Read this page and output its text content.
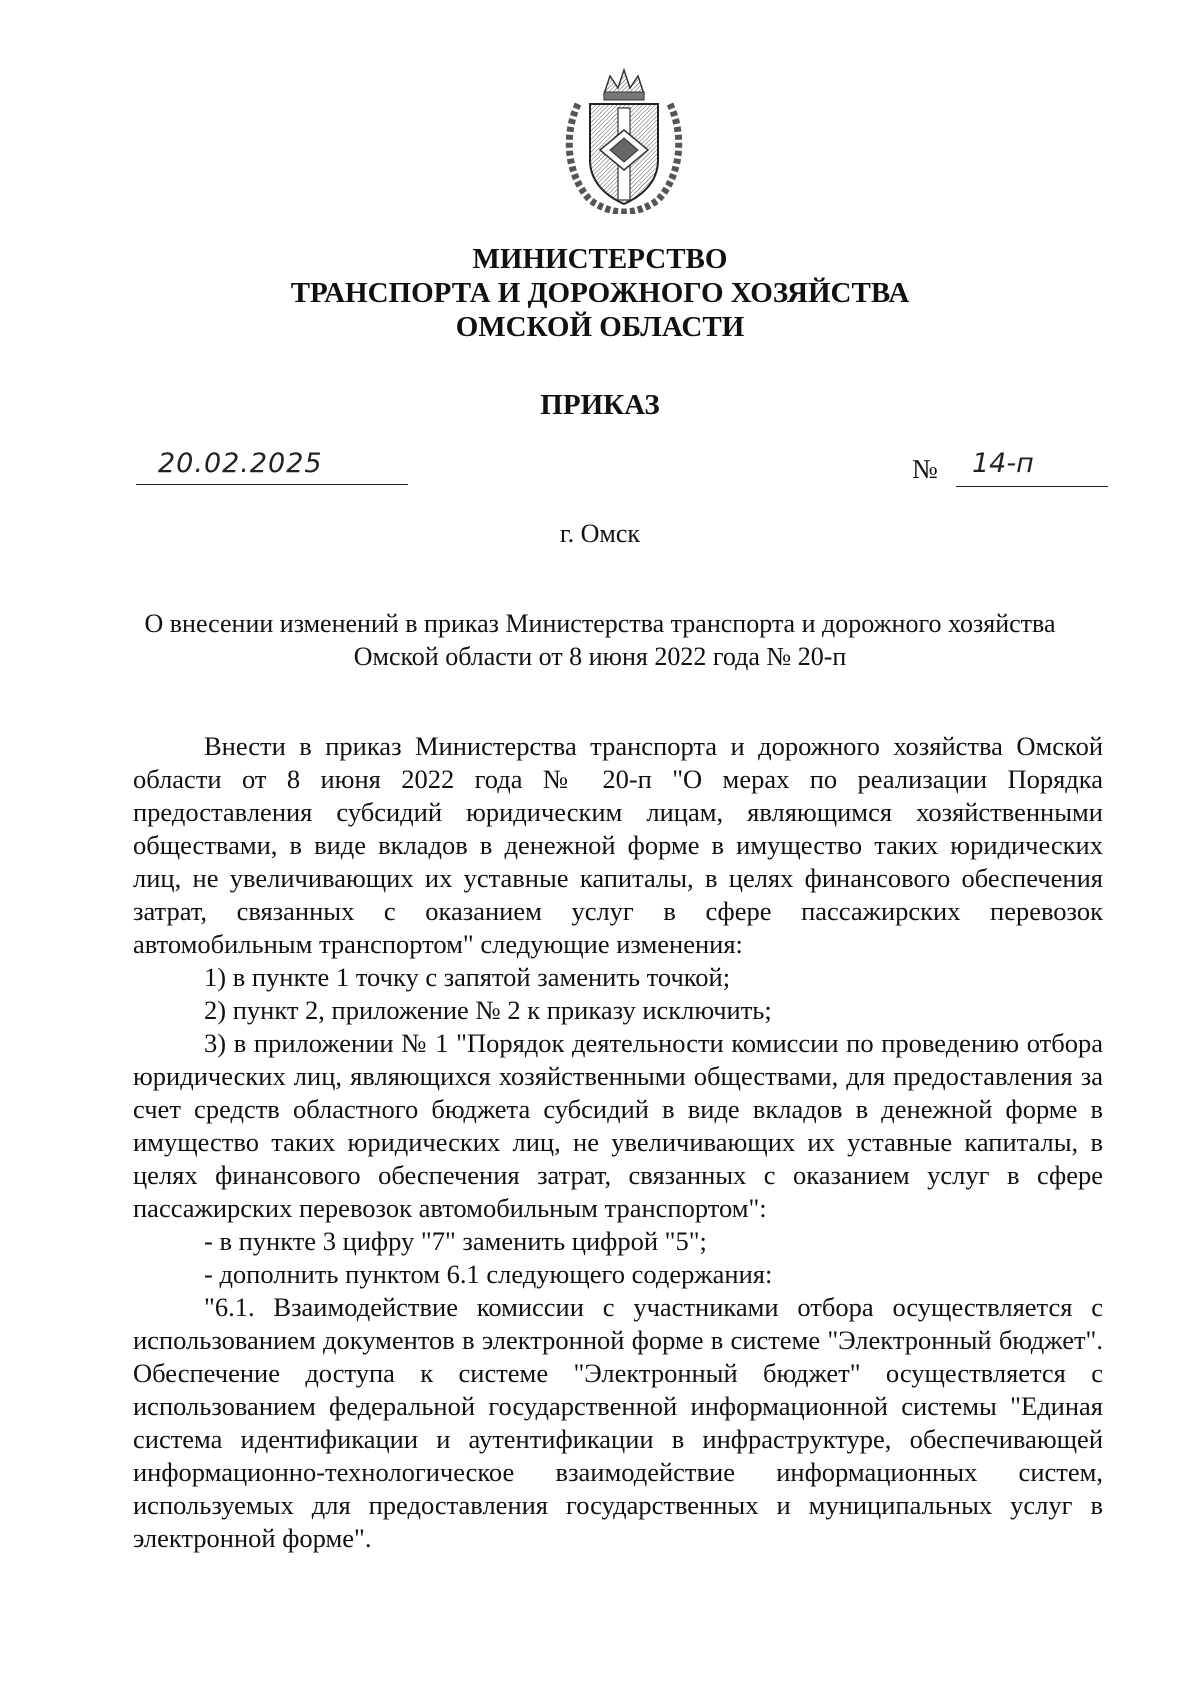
МИНИСТЕРСТВО
ТРАНСПОРТА И ДОРОЖНОГО ХОЗЯЙСТВА
ОМСКОЙ ОБЛАСТИ
ПРИКАЗ
20.02.2025	№ 14-п
г. Омск
О внесении изменений в приказ Министерства транспорта и дорожного хозяйства Омской области от 8 июня 2022 года № 20-п

Внести в приказ Министерства транспорта и дорожного хозяйства Омской области от 8 июня 2022 года № 20-п "О мерах по реализации Порядка предоставления субсидий юридическим лицам, являющимся хозяйственными обществами, в виде вкладов в денежной форме в имущество таких юридических лиц, не увеличивающих их уставные капиталы, в целях финансового обеспечения затрат, связанных с оказанием услуг в сфере пассажирских перевозок автомобильным транспортом" следующие изменения:

1) в пункте 1 точку с запятой заменить точкой;

2) пункт 2, приложение № 2 к приказу исключить;

3) в приложении № 1 "Порядок деятельности комиссии по проведению отбора юридических лиц, являющихся хозяйственными обществами, для предоставления за счет средств областного бюджета субсидий в виде вкладов в денежной форме в имущество таких юридических лиц, не увеличивающих их уставные капиталы, в целях финансового обеспечения затрат, связанных с оказанием услуг в сфере пассажирских перевозок автомобильным транспортом":

- в пункте 3 цифру "7" заменить цифрой "5";

- дополнить пунктом 6.1 следующего содержания:

"6.1. Взаимодействие комиссии с участниками отбора осуществляется с использованием документов в электронной форме в системе "Электронный бюджет". Обеспечение доступа к системе "Электронный бюджет" осуществляется с использованием федеральной государственной информационной системы "Единая система идентификации и аутентификации в инфраструктуре, обеспечивающей информационно-технологическое взаимодействие информационных систем, используемых для предоставления государственных и муниципальных услуг в электронной форме".
